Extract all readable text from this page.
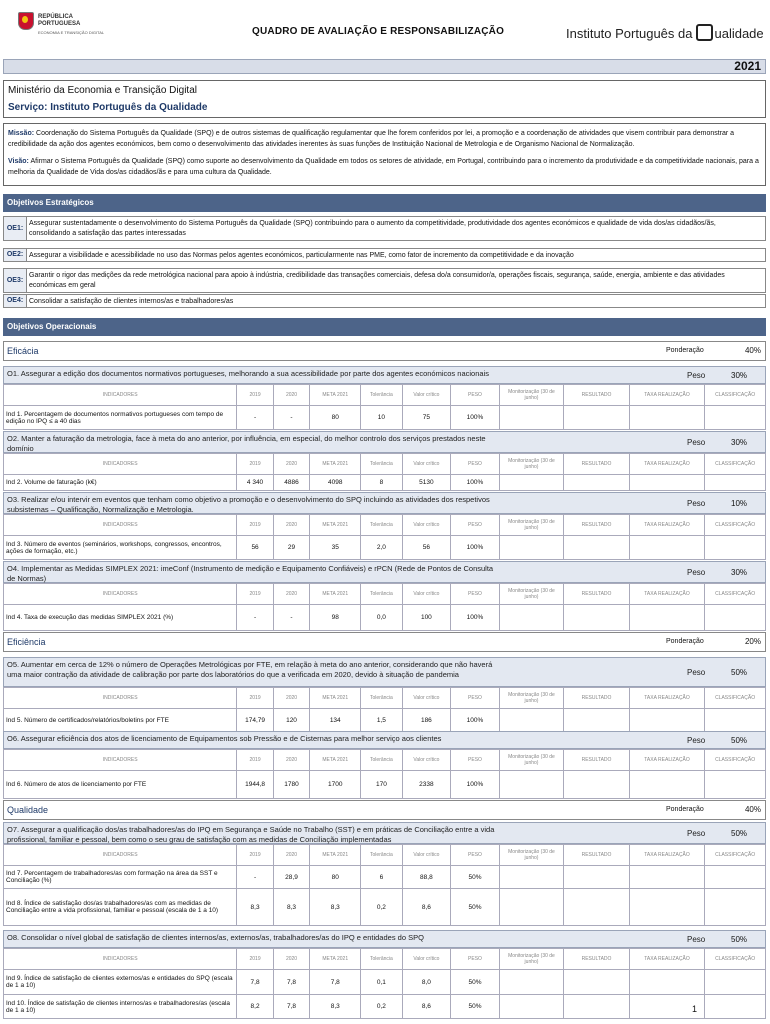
REPÚBLICA
PORTUGUESA
ECONOMIA E TRANSIÇÃO DIGITAL	QUADRO DE AVALIAÇÃO E RESPONSABILIZAÇÃO	Instituto Português da ualidade
2021
Ministério da Economia e Transição Digital
Serviço: Instituto Português da Qualidade

Missão: Coordenação do Sistema Português da Qualidade (SPQ) e de outros sistemas de qualificação regulamentar que lhe forem conferidos por lei, a promoção e a coordenação de atividades que visem contribuir para demonstrar a credibilidade da ação dos agentes económicos, bem como o desenvolvimento das atividades inerentes às suas funções de Instituição Nacional de Metrologia e de Organismo Nacional de Normalização.

Visão: Afirmar o Sistema Português da Qualidade (SPQ) como suporte ao desenvolvimento da Qualidade em todos os setores de atividade, em Portugal, contribuindo para o incremento da produtividade e da competitividade nacionais, para a melhoria da Qualidade de Vida dos/as cidadãos/ãs e para uma cultura da Qualidade.

Objetivos Estratégicos
OE1:
Assegurar sustentadamente o desenvolvimento do Sistema Português da Qualidade (SPQ) contribuindo para o aumento da competitividade, produtividade dos agentes económicos e qualidade de vida dos/as cidadãos/ãs, consolidando a satisfação das partes interessadas
OE2: Assegurar a visibilidade e acessibilidade no uso das Normas pelos agentes económicos, particularmente nas PME, como fator de incremento da competitividade e da inovação
OE3:
Garantir o rigor das medições da rede metrológica nacional para apoio à indústria, credibilidade das transações comerciais, defesa do/a consumidor/a, operações fiscais, segurança, saúde, energia, ambiente e das atividades económicas em geral
OE4: Consolidar a satisfação de clientes internos/as e trabalhadores/as
Objetivos Operacionais
Eficácia	Ponderação	40%
O1. Assegurar a edição dos documentos normativos portugueses, melhorando a sua acessibilidade por parte dos agentes económicos nacionais	Peso	30%
INDICADORES	2019	2020	META 2021	Tolerância	Valor crítico	PESO	Monitorização (30 de junho)	RESULTADO	TAXA REALIZAÇÃO	CLASSIFICAÇÃO
Ind 1. Percentagem de documentos normativos portugueses com tempo de edição no IPQ ≤ a 40 dias	-	-	80	10	75	100%				
O2. Manter a faturação da metrologia, face à meta do ano anterior, por influência, em especial, do melhor controlo dos serviços prestados neste domínio
Peso	30%
INDICADORES	2019	2020	META 2021	Tolerância	Valor crítico	PESO	Monitorização (30 de junho)	RESULTADO	TAXA REALIZAÇÃO	CLASSIFICAÇÃO
Ind 2. Volume de faturação (k€)	4 340	4886	4098	8	5130	100%				
O3. Realizar e/ou intervir em eventos que tenham como objetivo a promoção e o desenvolvimento do SPQ incluindo as atividades dos respetivos subsistemas – Qualificação, Normalização e Metrologia.
Peso	10%
INDICADORES	2019	2020	META 2021	Tolerância	Valor crítico	PESO	Monitorização (30 de junho)	RESULTADO	TAXA REALIZAÇÃO	CLASSIFICAÇÃO
Ind 3. Número de eventos (seminários, workshops, congressos, encontros, ações de formação, etc.)	56	29	35	2,0	56	100%				
O4. Implementar as Medidas SIMPLEX 2021: imeConf (Instrumento de medição e Equipamento Confiáveis) e rPCN (Rede de Pontos de Consulta de Normas)
Peso	30%
INDICADORES	2019	2020	META 2021	Tolerância	Valor crítico	PESO	Monitorização (30 de junho)	RESULTADO	TAXA REALIZAÇÃO	CLASSIFICAÇÃO
Ind 4. Taxa de execução das medidas SIMPLEX 2021 (%)	-	-	98	0,0	100	100%				
Eficiência	Ponderação	20%
O5. Aumentar em cerca de 12% o número de Operações Metrológicas por FTE, em relação à meta do ano anterior, considerando que não haverá uma maior contração da atividade de calibração por parte dos laboratórios do que a verificada em 2020, devido à situação de pandemia	Peso	50%
INDICADORES	2019	2020	META 2021	Tolerância	Valor crítico	PESO	Monitorização (30 de junho)	RESULTADO	TAXA REALIZAÇÃO	CLASSIFICAÇÃO
Ind 5. Número de certificados/relatórios/boletins por FTE	174,79	120	134	1,5	186	100%				
O6. Assegurar eficiência dos atos de licenciamento de Equipamentos sob Pressão e de Cisternas para melhor serviço aos clientes	Peso	50%
INDICADORES	2019	2020	META 2021	Tolerância	Valor crítico	PESO	Monitorização (30 de junho)	RESULTADO	TAXA REALIZAÇÃO	CLASSIFICAÇÃO
Ind 6. Número de atos de licenciamento por FTE	1944,8	1780	1700	170	2338	100%				
Qualidade	Ponderação	40%
O7. Assegurar a qualificação dos/as trabalhadores/as do IPQ em Segurança e Saúde no Trabalho (SST) e em práticas de Conciliação entre a vida profissional, familiar e pessoal, bem como o seu grau de satisfação com as medidas de Conciliação implementadas
Peso	50%
INDICADORES	2019	2020	META 2021	Tolerância	Valor crítico	PESO	Monitorização (30 de junho)	RESULTADO	TAXA REALIZAÇÃO	CLASSIFICAÇÃO
Ind 7. Percentagem de trabalhadores/as com formação na área da SST e Conciliação (%)	-	28,9	80	6	88,8	50%				
Ind 8. Índice de satisfação dos/as trabalhadores/as com as medidas de Conciliação entre a vida profissional, familiar e pessoal (escala de 1 a 10)	8,3	8,3	8,3	0,2	8,6	50%				
O8. Consolidar o nível global de satisfação de clientes internos/as, externos/as, trabalhadores/as do IPQ e entidades do SPQ	Peso	50%
INDICADORES	2019	2020	META 2021	Tolerância	Valor crítico	PESO	Monitorização (30 de junho)	RESULTADO	TAXA REALIZAÇÃO	CLASSIFICAÇÃO
Ind 9. Índice de satisfação de clientes externos/as e entidades do SPQ (escala de 1 a 10)	7,8	7,8	7,8	0,1	8,0	50%				
Ind 10. Índice de satisfação de clientes internos/as e trabalhadores/as (escala de 1 a 10)	8,2	7,8	8,3	0,2	8,6	50%					1
